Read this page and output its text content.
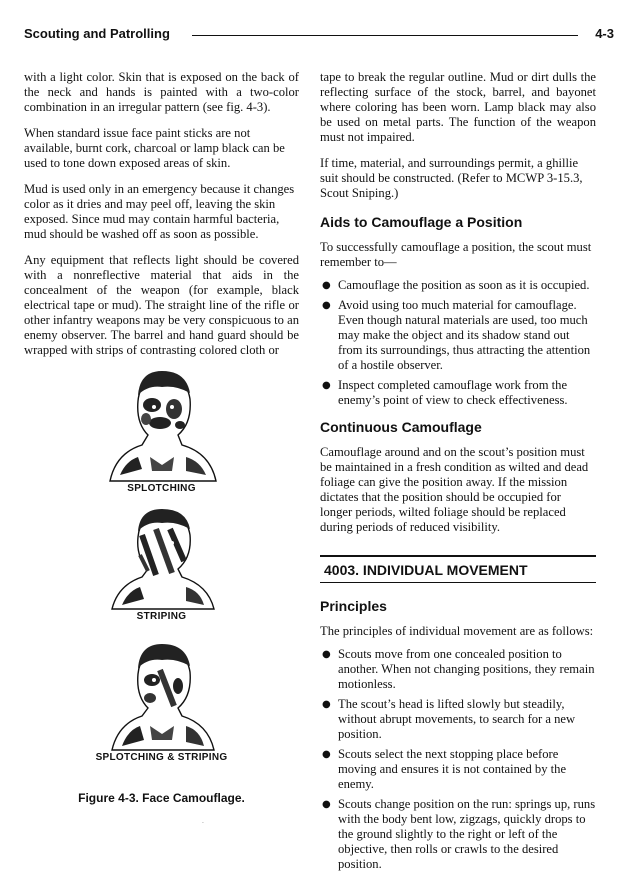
Scouting and Patrolling	4-3

with a light color. Skin that is exposed on the back of the neck and hands is painted with a two-color combination in an irregular pattern (see fig. 4-3).

When standard issue face paint sticks are not available, burnt cork, charcoal or lamp black can be used to tone down exposed areas of skin.

Mud is used only in an emergency because it changes color as it dries and may peel off, leaving the skin exposed. Since mud may contain harmful bacteria, mud should be washed off as soon as possible.

Any equipment that reflects light should be covered with a nonreflective material that aids in the concealment of the weapon (for example, black electrical tape or mud). The straight line of the rifle or other infantry weapons may be very conspicuous to an enemy observer. The barrel and hand guard should be wrapped with strips of contrasting colored cloth or

SPLOTCHING
STRIPING
SPLOTCHING & STRIPING
Figure 4-3. Face Camouflage.
·

tape to break the regular outline. Mud or dirt dulls the reflecting surface of the stock, barrel, and bayonet where coloring has been worn. Lamp black may also be used on metal parts. The function of the weapon must not impaired.

If time, material, and surroundings permit, a ghillie suit should be constructed. (Refer to MCWP 3-15.3, Scout Sniping.)

Aids to Camouflage a Position

To successfully camouflage a position, the scout must remember to—

● Camouflage the position as soon as it is occupied.
● Avoid using too much material for camouflage. Even though natural materials are used, too much may make the object and its shadow stand out from its surroundings, thus attracting the attention of a hostile observer.
● Inspect completed camouflage work from the enemy’s point of view to check effectiveness.
Continuous Camouflage

Camouflage around and on the scout’s position must be maintained in a fresh condition as wilted and dead foliage can give the position away. If the mission dictates that the position should be occupied for longer periods, wilted foliage should be replaced during periods of reduced visibility.

4003. INDIVIDUAL MOVEMENT
Principles

The principles of individual movement are as follows:

● Scouts move from one concealed position to another. When not changing positions, they remain motionless.
● The scout’s head is lifted slowly but steadily, without abrupt movements, to search for a new position.
● Scouts select the next stopping place before moving and ensures it is not contained by the enemy.
● Scouts change position on the run: springs up, runs with the body bent low, zigzags, quickly drops to the ground slightly to the right or left of the objective, then rolls or crawls to the desired position.
